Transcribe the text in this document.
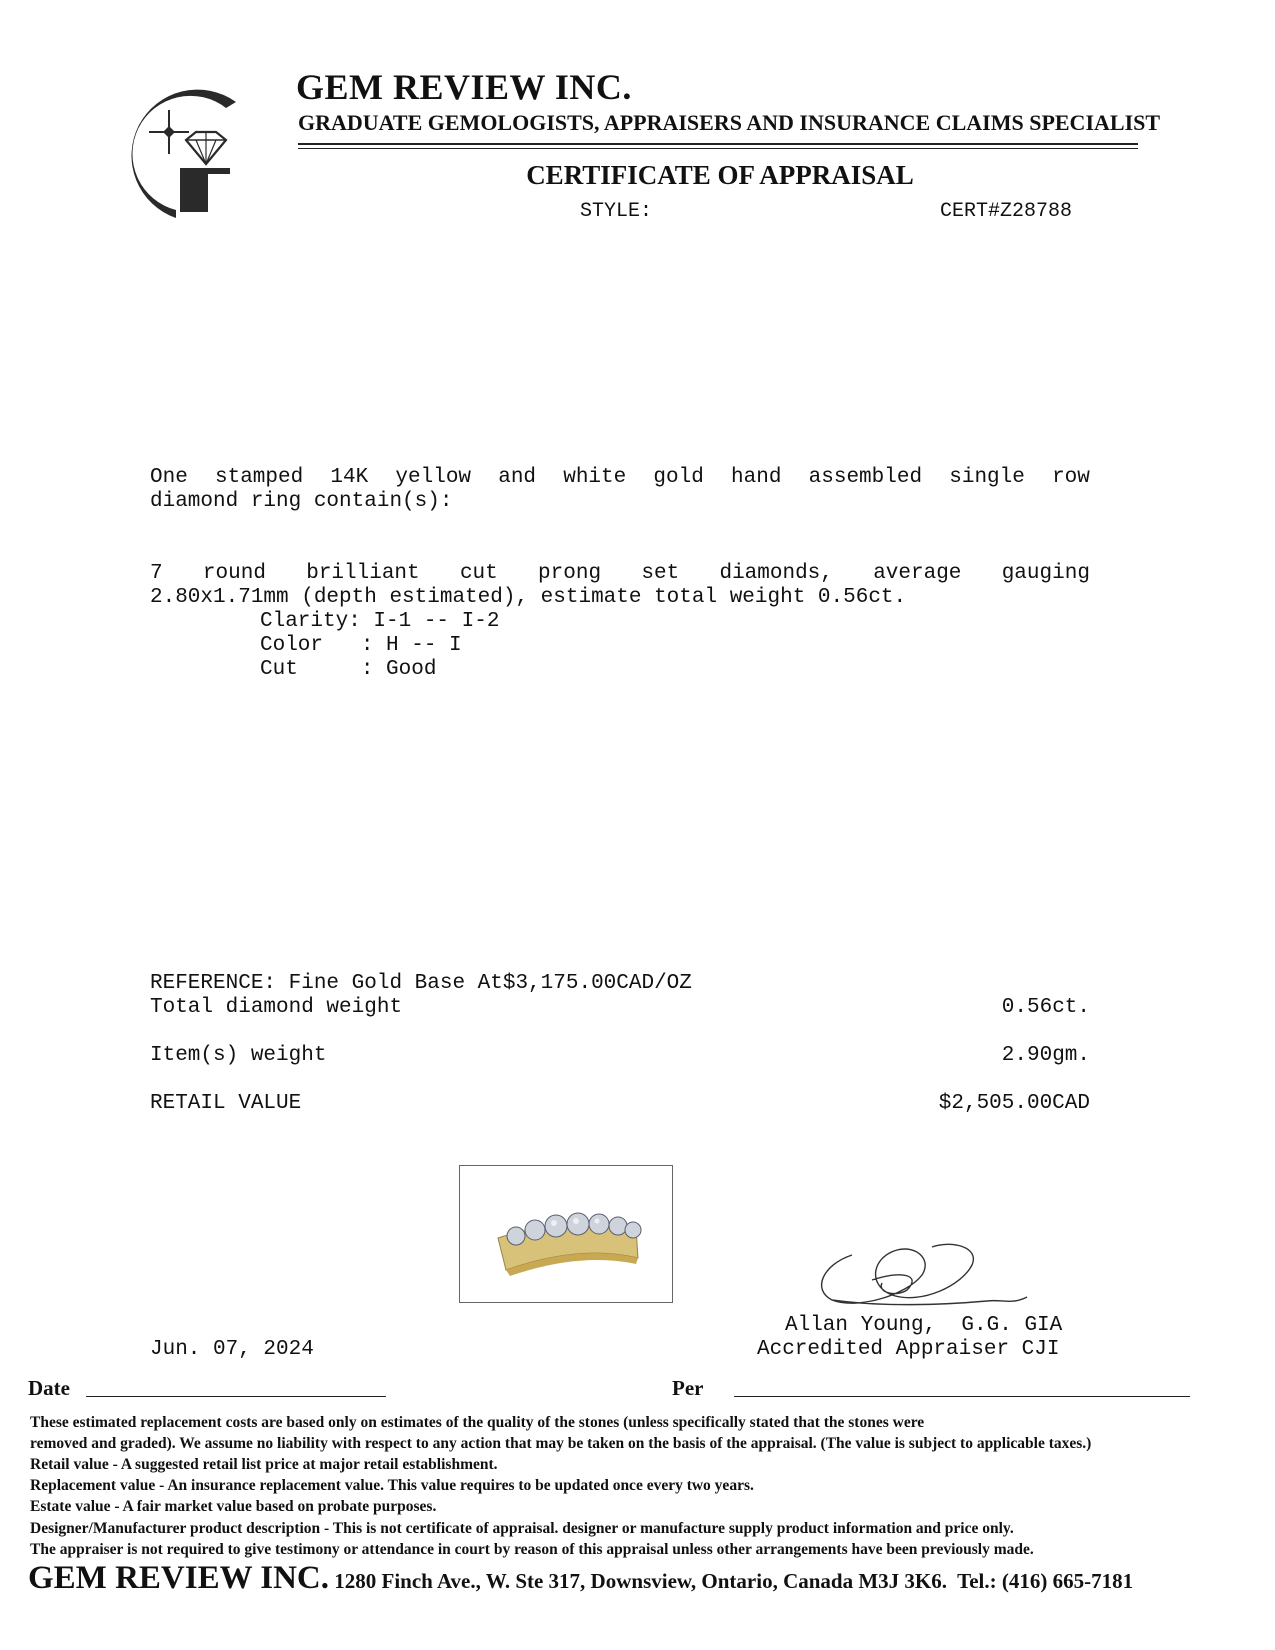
GEM REVIEW INC.
GRADUATE GEMOLOGISTS, APPRAISERS AND INSURANCE CLAIMS SPECIALIST
CERTIFICATE OF APPRAISAL
STYLE:	CERT#Z28788
One stamped 14K yellow and white gold hand assembled single row
diamond ring contain(s):
7 round brilliant cut prong set diamonds, average gauging
2.80x1.71mm (depth estimated), estimate total weight 0.56ct.
Clarity: I-1 -- I-2
Color   : H -- I
Cut     : Good
REFERENCE: Fine Gold Base At$3,175.00CAD/OZ
Total diamond weight	0.56ct.
Item(s) weight	2.90gm.
RETAIL VALUE	$2,505.00CAD
Allan Young,  G.G. GIA
Accredited Appraiser CJI
Jun. 07, 2024
Date	Per
These estimated replacement costs are based only on estimates of the quality of the stones (unless specifically stated that the stones were
removed and graded). We assume no liability with respect to any action that may be taken on the basis of the appraisal. (The value is subject to applicable taxes.)
Retail value - A suggested retail list price at major retail establishment.
Replacement value - An insurance replacement value. This value requires to be updated once every two years.
Estate value - A fair market value based on probate purposes.
Designer/Manufacturer product description - This is not certificate of appraisal. designer or manufacture supply product information and price only.
The appraiser is not required to give testimony or attendance in court by reason of this appraisal unless other arrangements have been previously made.
GEM REVIEW INC. 1280 Finch Ave., W. Ste 317, Downsview, Ontario, Canada M3J 3K6.  Tel.: (416) 665-7181
